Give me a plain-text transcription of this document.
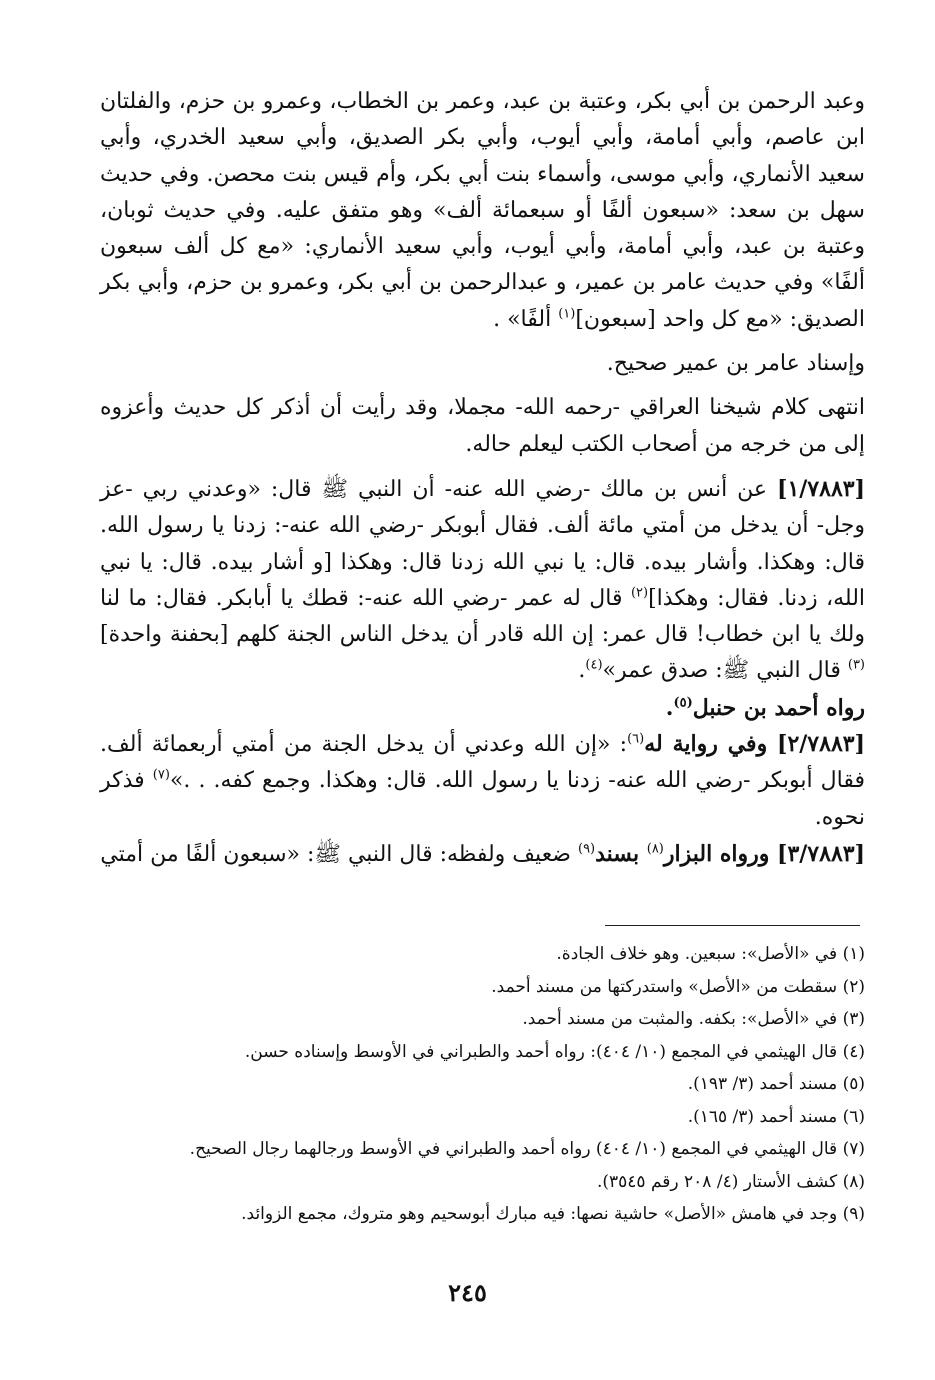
وعبد الرحمن بن أبي بكر، وعتبة بن عبد، وعمر بن الخطاب، وعمرو بن حزم، والفلتان ابن عاصم، وأبي أمامة، وأبي أيوب، وأبي بكر الصديق، وأبي سعيد الخدري، وأبي سعيد الأنماري، وأبي موسى، وأسماء بنت أبي بكر، وأم قيس بنت محصن. وفي حديث سهل بن سعد: «سبعون ألفًا أو سبعمائة ألف» وهو متفق عليه. وفي حديث ثوبان، وعتبة بن عبد، وأبي أمامة، وأبي أيوب، وأبي سعيد الأنماري: «مع كل ألف سبعون ألفًا» وفي حديث عامر بن عمير، و عبدالرحمن بن أبي بكر، وعمرو بن حزم، وأبي بكر الصديق: «مع كل واحد [سبعون]$^{(١)}$ ألفًا» .

وإسناد عامر بن عمير صحيح.

انتهى كلام شيخنا العراقي -رحمه الله- مجملا، وقد رأيت أن أذكر كل حديث وأعزوه إلى من خرجه من أصحاب الكتب ليعلم حاله.

[١/٧٨٨٣] عن أنس بن مالك -رضي الله عنه- أن النبي ﷺ قال: «وعدني ربي -عز وجل- أن يدخل من أمتي مائة ألف. فقال أبوبكر -رضي الله عنه-: زدنا يا رسول الله. قال: وهكذا. وأشار بيده. قال: يا نبي الله زدنا قال: وهكذا [و أشار بيده. قال: يا نبي الله، زدنا. فقال: وهكذا]$^{(٢)}$ قال له عمر -رضي الله عنه-: قطك يا أبابكر. فقال: ما لنا ولك يا ابن خطاب! قال عمر: إن الله قادر أن يدخل الناس الجنة كلهم [بحفنة واحدة]$^{(٣)}$ قال النبي ﷺ: صدق عمر»$^{(٤)}$.

رواه أحمد بن حنبل$^{(٥)}$.

[٢/٧٨٨٣] وفي رواية له$^{(٦)}$: «إن الله وعدني أن يدخل الجنة من أمتي أربعمائة ألف. فقال أبوبكر -رضي الله عنه- زدنا يا رسول الله. قال: وهكذا. وجمع كفه. . .»$^{(٧)}$ فذكر نحوه.

[٣/٧٨٨٣] ورواه البزار$^{(٨)}$ بسند$^{(٩)}$ ضعيف ولفظه: قال النبي ﷺ: «سبعون ألفًا من أمتي

(١) في «الأصل»: سبعين. وهو خلاف الجادة.

(٢) سقطت من «الأصل» واستدركتها من مسند أحمد.

(٣) في «الأصل»: بكفه. والمثبت من مسند أحمد.

(٤) قال الهيثمي في المجمع (١٠/ ٤٠٤): رواه أحمد والطبراني في الأوسط وإسناده حسن.

(٥) مسند أحمد (٣/ ١٩٣).

(٦) مسند أحمد (٣/ ١٦٥).

(٧) قال الهيثمي في المجمع (١٠/ ٤٠٤) رواه أحمد والطبراني في الأوسط ورجالهما رجال الصحيح.

(٨) كشف الأستار (٤/ ٢٠٨ رقم ٣٥٤٥).

(٩) وجد في هامش «الأصل» حاشية نصها: فيه مبارك أبوسحيم وهو متروك، مجمع الزوائد.

٢٤٥
